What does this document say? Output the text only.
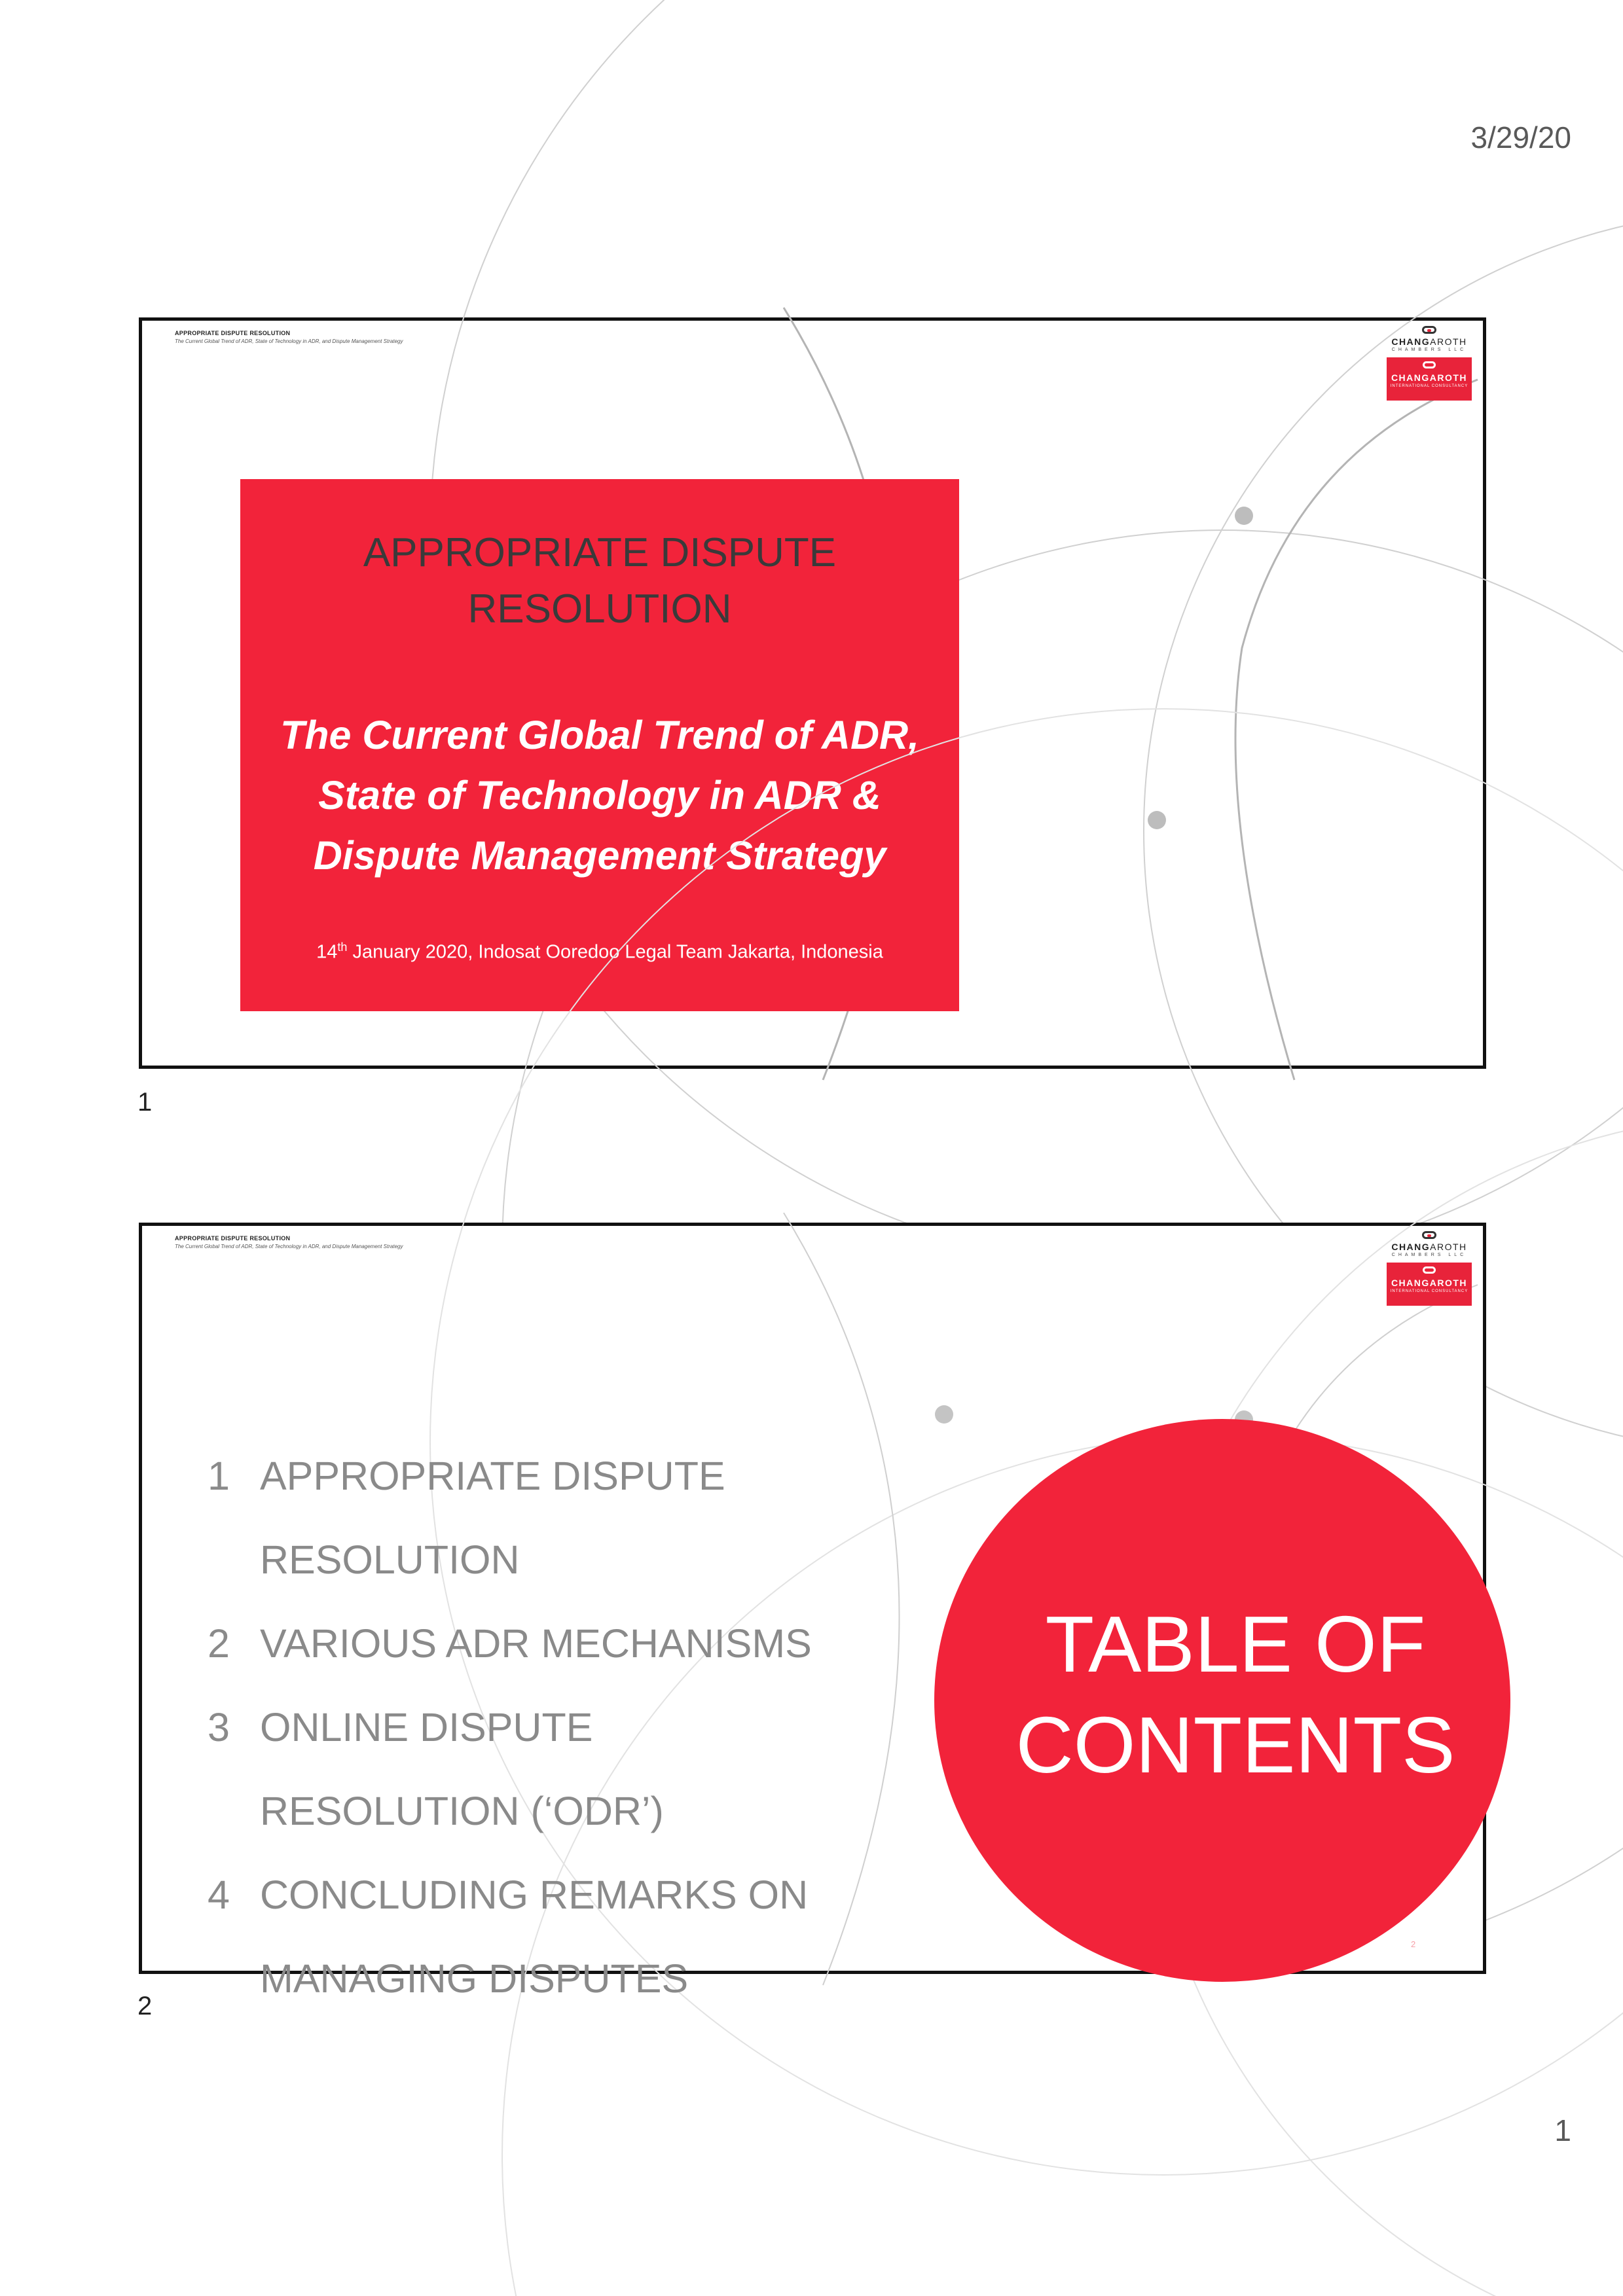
3/29/20
APPROPRIATE DISPUTE RESOLUTION
The Current Global Trend of ADR, State of Technology in ADR, and Dispute Management Strategy	CHANGAROTH
CHAMBERS LLC
CHANGAROTH
INTERNATIONAL CONSULTANCY
APPROPRIATE DISPUTE RESOLUTION
The Current Global Trend of ADR, State of Technology in ADR & Dispute Management Strategy
14th January 2020, Indosat Ooredoo Legal Team Jakarta, Indonesia
1
APPROPRIATE DISPUTE RESOLUTION
The Current Global Trend of ADR, State of Technology in ADR, and Dispute Management Strategy	CHANGAROTH
CHAMBERS LLC
CHANGAROTH
INTERNATIONAL CONSULTANCY
TABLE OF CONTENTS
1 APPROPRIATE DISPUTE RESOLUTION
2 VARIOUS ADR MECHANISMS
3 ONLINE DISPUTE RESOLUTION (‘ODR’)
4 CONCLUDING REMARKS ON MANAGING DISPUTES
2
2
1
